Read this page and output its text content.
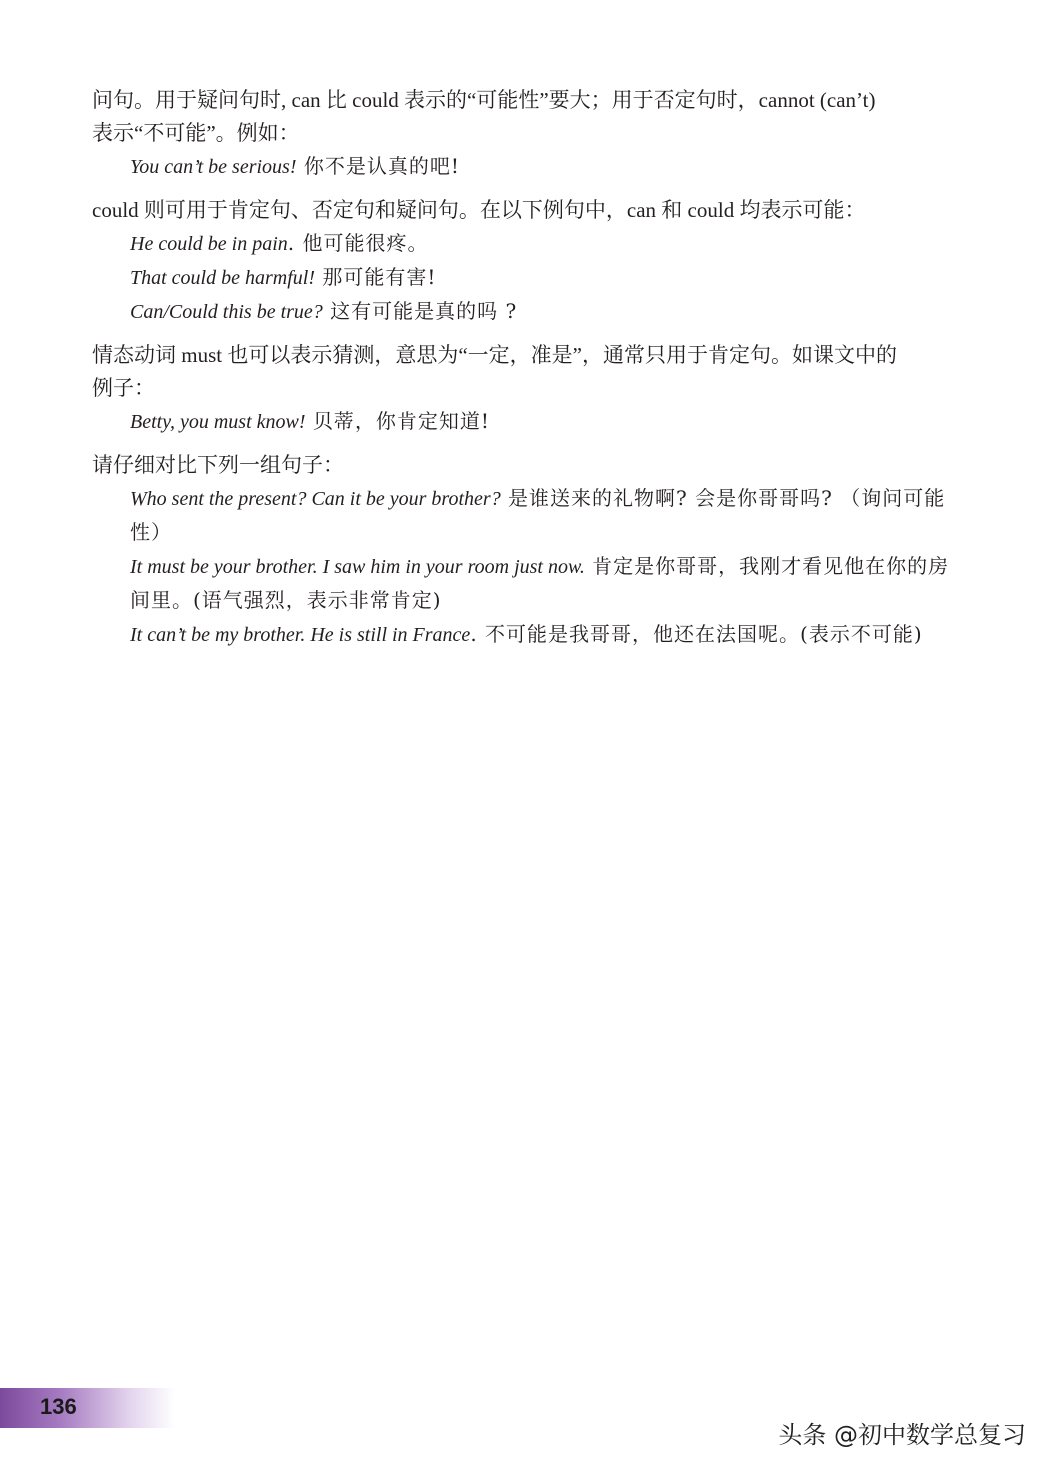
问句。用于疑问句时, can 比 could 表示的“可能性”要大；用于否定句时，cannot (can’t)

表示“不可能”。例如：

You can’t be serious! 你不是认真的吧!

could 则可用于肯定句、否定句和疑问句。在以下例句中，can 和 could 均表示可能：

He could be in pain. 他可能很疼。

That could be harmful! 那可能有害!

Can/Could this be true? 这有可能是真的吗 ?

情态动词 must 也可以表示猜测，意思为“一定，准是”，通常只用于肯定句。如课文中的

例子：

Betty, you must know! 贝蒂，你肯定知道!

请仔细对比下列一组句子：

Who sent the present? Can it be your brother? 是谁送来的礼物啊? 会是你哥哥吗? （询问可能性）

It must be your brother. I saw him in your room just now. 肯定是你哥哥，我刚才看见他在你的房间里。(语气强烈，表示非常肯定)

It can’t be my brother. He is still in France. 不可能是我哥哥，他还在法国呢。(表示不可能)

136
头条 @初中数学总复习
